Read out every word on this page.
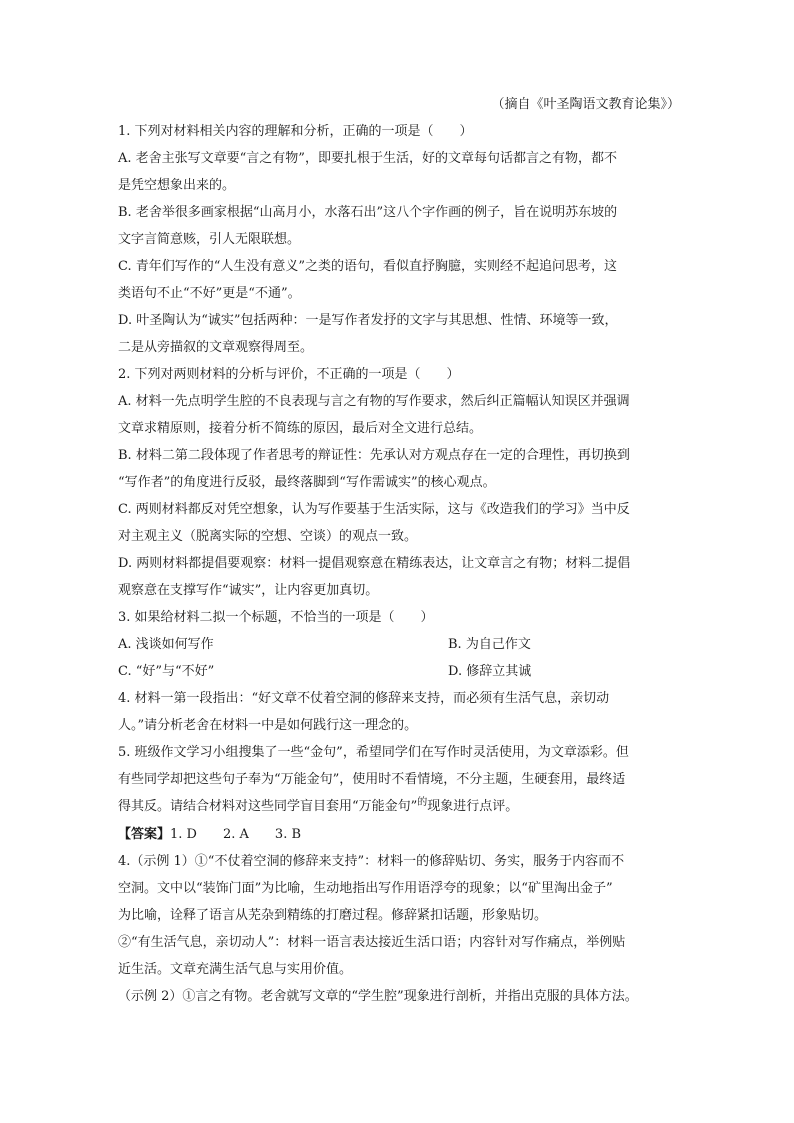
（摘自《叶圣陶语文教育论集》）
1. 下列对材料相关内容的理解和分析，正确的一项是（　　）
A. 老舍主张写文章要“言之有物”，即要扎根于生活，好的文章每句话都言之有物，都不
是凭空想象出来的。
B. 老舍举很多画家根据“山高月小，水落石出”这八个字作画的例子，旨在说明苏东坡的
文字言简意赅，引人无限联想。
C. 青年们写作的“人生没有意义”之类的语句，看似直抒胸臆，实则经不起追问思考，这
类语句不止“不好”更是“不通”。
D. 叶圣陶认为“诚实”包括两种：一是写作者发抒的文字与其思想、性情、环境等一致，
二是从旁描叙的文章观察得周至。
2. 下列对两则材料的分析与评价，不正确的一项是（　　）
A. 材料一先点明学生腔的不良表现与言之有物的写作要求，然后纠正篇幅认知误区并强调
文章求精原则，接着分析不简练的原因，最后对全文进行总结。
B. 材料二第二段体现了作者思考的辩证性：先承认对方观点存在一定的合理性，再切换到
“写作者”的角度进行反驳，最终落脚到“写作需诚实”的核心观点。
C. 两则材料都反对凭空想象，认为写作要基于生活实际，这与《改造我们的学习》当中反
对主观主义（脱离实际的空想、空谈）的观点一致。
D. 两则材料都提倡要观察：材料一提倡观察意在精练表达，让文章言之有物；材料二提倡
观察意在支撑写作“诚实”，让内容更加真切。
3. 如果给材料二拟一个标题，不恰当的一项是（　　）
A. 浅谈如何写作	B. 为自己作文
C. “好”与“不好”	D. 修辞立其诚
4. 材料一第一段指出：“好文章不仗着空洞的修辞来支持，而必须有生活气息，亲切动
人。”请分析老舍在材料一中是如何践行这一理念的。
5. 班级作文学习小组搜集了一些“金句”，希望同学们在写作时灵活使用，为文章添彩。但
有些同学却把这些句子奉为“万能金句”，使用时不看情境，不分主题，生硬套用，最终适
得其反。请结合材料对这些同学盲目套用“万能金句”$^的$现象进行点评。
【答案】1. D 2. A 3. B
4.（示例 1）①“不仗着空洞的修辞来支持”：材料一的修辞贴切、务实，服务于内容而不
空洞。文中以“装饰门面”为比喻，生动地指出写作用语浮夸的现象；以“矿里淘出金子”
为比喻，诠释了语言从芜杂到精练的打磨过程。修辞紧扣话题，形象贴切。
②“有生活气息，亲切动人”：材料一语言表达接近生活口语；内容针对写作痛点，举例贴
近生活。文章充满生活气息与实用价值。
（示例 2）①言之有物。老舍就写文章的“学生腔”现象进行剖析，并指出克服的具体方法。
